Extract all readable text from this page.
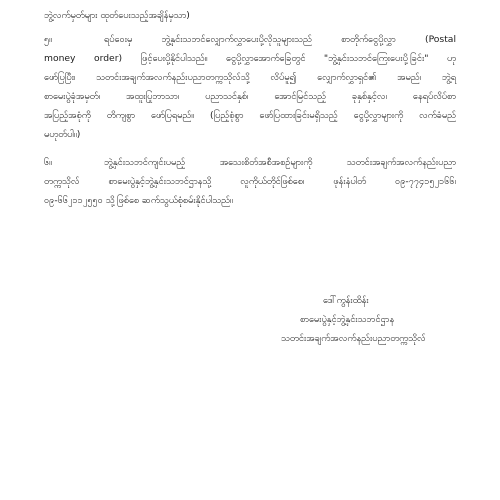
ဘွဲ့လက်မှတ်များ ထုတ်ပေးသည့်အချိန်မှသာ)
၅။	ရပ်ဝေးမှ ဘွဲ့နှင်းသဘင်လျှောက်လွှာပေးပို့လိုသူများသည် စာတိုက်ငွေပို့လွှာ (Postal
money order) ဖြင့်ပေးပို့နိုင်ပါသည်။ ငွေပို့လွှာအောက်ခြေတွင် "ဘွဲ့နှင်းသဘင်ကြေးပေးပို့ခြင်း" ဟု
ဖော်ပြပြီး၊ သတင်းအချက်အလက်နည်းပညာတက္ကသိုလ်သို့ လိပ်မူ၍ လျှောက်လွှာရှင်၏ အမည်၊ ဘွဲ့ရ
စာမေးပွဲခုံအမှတ်၊ အထူးပြုဘာသာ၊ ပညာသင်နှစ်၊ အောင်မြင်သည့် ခုနှစ်နှင့်လ၊ နေရပ်လိပ်စာ
အပြည့်အစုံကို တိကျစွာ ဖော်ပြရမည်။ (ပြည့်စုံစွာ ဖော်ပြထားခြင်းမရှိသည့် ငွေပို့လွှာများကို လက်ခံမည်
မဟုတ်ပါ။)
၆။	ဘွဲ့နှင်းသဘင်ကျင်းပမည့် အသေးစိတ်အစီအစဉ်များကို သတင်းအချက်အလက်နည်းပညာ
တက္ကသိုလ် စာမေးပွဲနှင့်ဘွဲ့နှင်းသဘင်ဌာနသို့ လူကိုယ်တိုင်ဖြစ်စေ၊ ဖုန်းနံပါတ် ၀၉-၇၇၄၁၅၂၁၆၆၊
၀၉-၆၆၂၁၁၂၅၅၀ သို့ဖြစ်စေ ဆက်သွယ်စုံစမ်းနိုင်ပါသည်။
ဒေါ်ကွန်းထိန်း
စာမေးပွဲနှင့်ဘွဲ့နှင်းသဘင်ဌာန
သတင်းအချက်အလက်နည်းပညာတက္ကသိုလ်
